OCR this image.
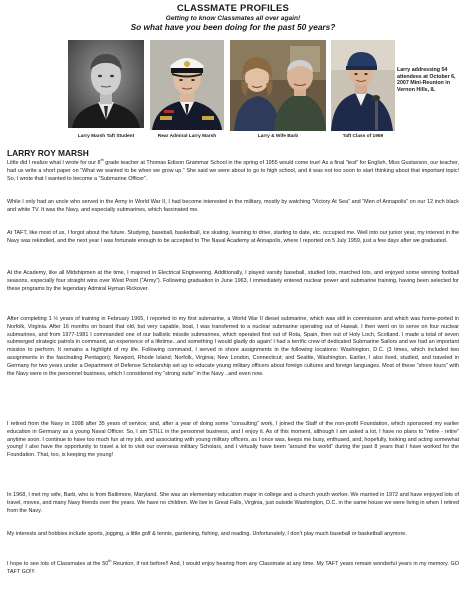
CLASSMATE PROFILES
Getting to know Classmates all over again!
So what have you been doing for the past 50 years?
Larry Marsh Taft Student	Rear Admiral Larry Marsh	Larry & Wife Barb	Taft Class of 1959
Larry addressing 54 attendees at October 6, 2007 Mini-Reunion in Vernon Hills, IL
LARRY ROY MARSH

Little did I realize what I wrote for our 8th grade teacher at Thomas Edison Grammar School in the spring of 1955 would come true! As a final “test” for English, Miss Gustavson, our teacher, had us write a short paper on “What we wanted to be when we grow up.” She said we were about to go to high school, and it was not too soon to start thinking about that important topic! So, I wrote that I wanted to become a “Submarine Officer”.

While I only had an uncle who served in the Army in World War II, I had become interested in the military, mostly by watching “Victory At Sea” and “Men of Annapolis” on our 12 inch black and white TV. It was the Navy, and especially submarines, which fascinated me.

At TAFT, like most of us, I forgot about the future. Studying, baseball, basketball, ice skating, learning to drive, starting to date, etc. occupied me. Well into our junior year, my interest in the Navy was rekindled, and the next year I was fortunate enough to be accepted to The Naval Academy at Annapolis, where I reported on 5 July 1959, just a few days after we graduated.

At the Academy, like all Midshipmen at the time, I majored in Electrical Engineering. Additionally, I played varsity baseball, studied lots, marched lots, and enjoyed some winning football seasons, especially four straight wins over West Point (“Army”). Following graduation in June 1963, I immediately entered nuclear power and submarine training, having been selected for these programs by the legendary Admiral Hyman Rickover.

After completing 1 ½ years of training in February 1965, I reported to my first submarine, a World War II diesel submarine, which was still in commission and which was home-ported in Norfolk, Virginia. After 16 months on board that old, but very capable, boat, I was transferred to a nuclear submarine operating out of Hawaii. I then went on to serve on four nuclear submarines, and from 1977-1981 I commanded one of our ballistic missile submarines, which operated first out of Rota, Spain, then out of Holy Loch, Scotland. I made a total of seven submerged strategic patrols in command, an experience of a lifetime...and something I would gladly do again! I had a terrific crew of dedicated Submarine Sailors and we had an important mission to perform. It remains a highlight of my life. Following command, I served in shore assignments in the following locations: Washington, D.C. (3 times, which included two assignments in the fascinating Pentagon); Newport, Rhode Island; Norfolk, Virginia; New London, Connecticut; and Seattle, Washington. Earlier, I also lived, studied, and traveled in Germany for two years under a Department of Defense Scholarship set up to educate young military officers about foreign cultures and foreign languages. Most of these “shore tours” with the Navy were in the personnel business, which I considered my “strong suite” in the Navy ..and even now.

I retired from the Navy in 1998 after 35 years of service; and, after a year of doing some “consulting” work, I joined the Staff of the non-profit Foundation, which sponsored my earlier education in Germany as a young Naval Officer. So, I am STILL in the personnel business, and I enjoy it. As of this moment, although I am asked a lot, I have no plans to “retire - retire” anytime soon. I continue to have too much fun at my job, and associating with young military officers, as I once was, keeps me busy, enthused, and, hopefully, looking and acting somewhat young! I also have the opportunity to travel a lot to visit our overseas military Scholars, and I virtually have been “around the world” during the past 8 years that I have worked for the Foundation. That, too, is keeping me young!

In 1968, I met my wife, Barb, who is from Baltimore, Maryland. She was an elementary education major in college and a church youth worker. We married in 1972 and have enjoyed lots of travel, moves, and many Navy friends over the years. We have no children. We live in Great Falls, Virginia, just outside Washington, D.C. in the same house we were living in when I retired from the Navy.

My interests and hobbies include sports, jogging, a little golf & tennis, gardening, fishing, and reading. Unfortunately, I don’t play much baseball or basketball anymore.

I hope to see lots of Classmates at the 50th Reunion, if not before!! And, I would enjoy hearing from any Classmate at any time. My TAFT years remain wonderful years in my memory. GO TAFT GO!!!
